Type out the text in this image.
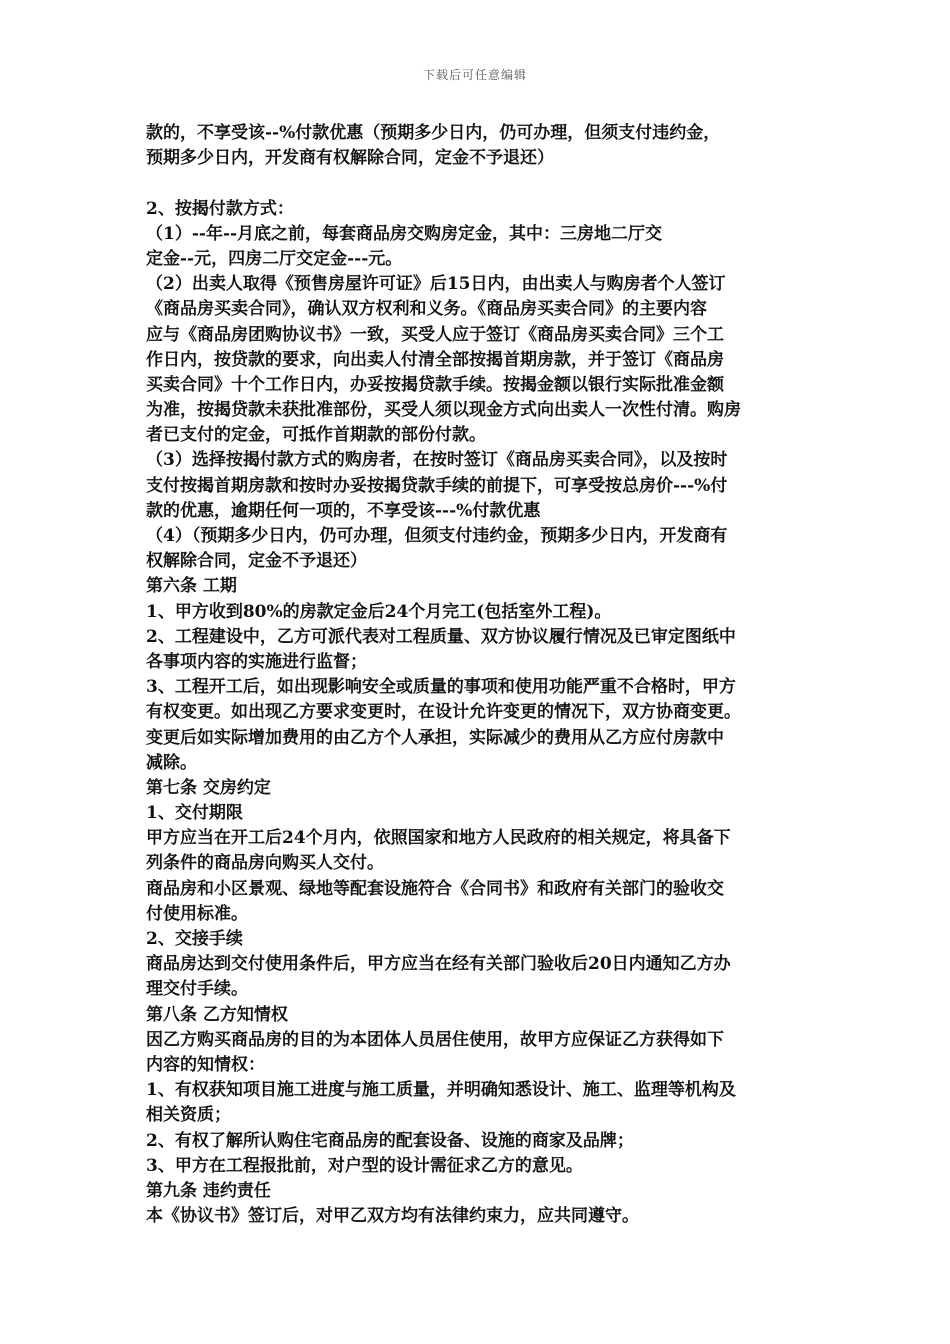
下载后可任意编辑
款的，不享受该--%付款优惠（预期多少日内，仍可办理，但须支付违约金，
预期多少日内，开发商有权解除合同，定金不予退还）
2、按揭付款方式：
（1）--年--月底之前，每套商品房交购房定金，其中：三房地二厅交
定金--元，四房二厅交定金---元。
（2）出卖人取得《预售房屋许可证》后15日内，由出卖人与购房者个人签订
《商品房买卖合同》，确认双方权利和义务。《商品房买卖合同》的主要内容
应与《商品房团购协议书》一致，买受人应于签订《商品房买卖合同》三个工
作日内，按贷款的要求，向出卖人付清全部按揭首期房款，并于签订《商品房
买卖合同》十个工作日内，办妥按揭贷款手续。按揭金额以银行实际批准金额
为准，按揭贷款未获批准部份，买受人须以现金方式向出卖人一次性付清。购房
者已支付的定金，可抵作首期款的部份付款。
（3）选择按揭付款方式的购房者，在按时签订《商品房买卖合同》，以及按时
支付按揭首期房款和按时办妥按揭贷款手续的前提下，可享受按总房价---%付
款的优惠，逾期任何一项的，不享受该---%付款优惠
（4）（预期多少日内，仍可办理，但须支付违约金，预期多少日内，开发商有
权解除合同，定金不予退还）
第六条 工期
1、甲方收到80%的房款定金后24个月完工(包括室外工程)。
2、工程建设中，乙方可派代表对工程质量、双方协议履行情况及已审定图纸中
各事项内容的实施进行监督；
3、工程开工后，如出现影响安全或质量的事项和使用功能严重不合格时，甲方
有权变更。如出现乙方要求变更时，在设计允许变更的情况下，双方协商变更。
变更后如实际增加费用的由乙方个人承担，实际减少的费用从乙方应付房款中
减除。
第七条 交房约定
1、交付期限
甲方应当在开工后24个月内，依照国家和地方人民政府的相关规定，将具备下
列条件的商品房向购买人交付。
商品房和小区景观、绿地等配套设施符合《合同书》和政府有关部门的验收交
付使用标准。
2、交接手续
商品房达到交付使用条件后，甲方应当在经有关部门验收后20日内通知乙方办
理交付手续。
第八条 乙方知情权
因乙方购买商品房的目的为本团体人员居住使用，故甲方应保证乙方获得如下
内容的知情权：
1、有权获知项目施工进度与施工质量，并明确知悉设计、施工、监理等机构及
相关资质；
2、有权了解所认购住宅商品房的配套设备、设施的商家及品牌；
3、甲方在工程报批前，对户型的设计需征求乙方的意见。
第九条 违约责任
本《协议书》签订后，对甲乙双方均有法律约束力，应共同遵守。
